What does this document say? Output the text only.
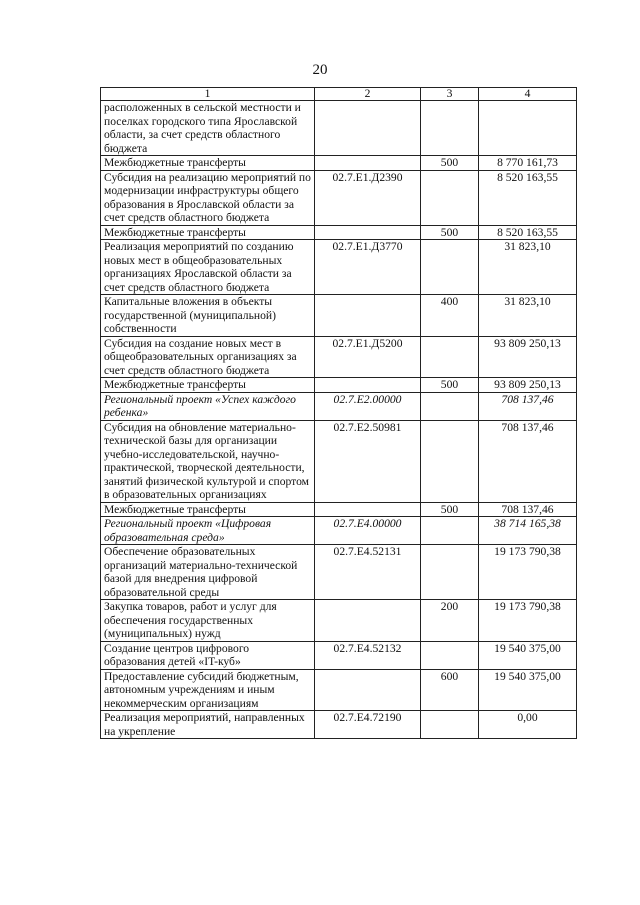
20
1	2	3	4
расположенных в сельской местности и поселках городского типа Ярославской области, за счет средств областного бюджета			
Межбюджетные трансферты		500	8 770 161,73
Субсидия на реализацию мероприятий по модернизации инфраструктуры общего образования в Ярославской области за счет средств областного бюджета	02.7.Е1.Д2390		8 520 163,55
Межбюджетные трансферты		500	8 520 163,55
Реализация мероприятий по созданию новых мест в общеобразовательных организациях Ярославской области за счет средств областного бюджета	02.7.Е1.Д3770		31 823,10
Капитальные вложения в объекты государственной (муниципальной) собственности		400	31 823,10
Субсидия на создание новых мест в общеобразовательных организациях за счет средств областного бюджета	02.7.Е1.Д5200		93 809 250,13
Межбюджетные трансферты		500	93 809 250,13
Региональный проект «Успех каждого ребенка»	02.7.Е2.00000		708 137,46
Субсидия на обновление материально-технической базы для организации учебно-исследовательской, научно-практической, творческой деятельности, занятий физической культурой и спортом в образовательных организациях	02.7.Е2.50981		708 137,46
Межбюджетные трансферты		500	708 137,46
Региональный проект «Цифровая образовательная среда»	02.7.Е4.00000		38 714 165,38
Обеспечение образовательных организаций материально-технической базой для внедрения цифровой образовательной среды	02.7.Е4.52131		19 173 790,38
Закупка товаров, работ и услуг для обеспечения государственных (муниципальных) нужд		200	19 173 790,38
Создание центров цифрового образования детей «IT-куб»	02.7.Е4.52132		19 540 375,00
Предоставление субсидий бюджетным, автономным учреждениям и иным некоммерческим организациям		600	19 540 375,00
Реализация мероприятий, направленных на укрепление	02.7.Е4.72190		0,00
